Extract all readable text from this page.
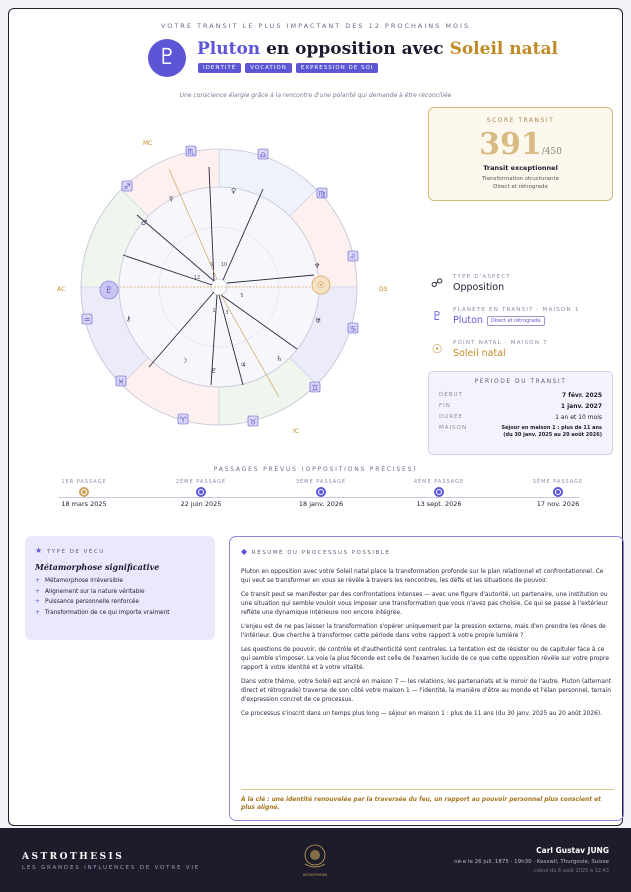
VOTRE TRANSIT LE PLUS IMPACTANT DES 12 PROCHAINS MOIS
♇	Pluton en opposition avec Soleil natal
IDENTITÉ	VOCATION	EXPRESSION DE SOI
Une conscience élargie grâce à la rencontre d'une polarité qui demande à être réconciliée
♇	☉
MC
AC	DS
IC
♏
♐
♒
♓
♈	♉
♊
♋
♌
♍
♎
♀
☿
♂
♆
♅
♄
♃
♇
☽
⚷
12
9 10
5
3
1
SCORE TRANSIT
391/450
Transit exceptionnel
Transformation structurante
Direct et rétrograde
☍ TYPE D'ASPECT
Opposition
♇ PLANÈTE EN TRANSIT · MAISON 1
Pluton Direct et rétrograde
☉ POINT NATAL · MAISON 7
Soleil natal
PÉRIODE DU TRANSIT
DÉBUT	7 févr. 2025
FIN	1 janv. 2027
DURÉE	1 an et 10 mois
MAISON	Séjour en maison 1 : plus de 11 ans (du 30 janv. 2025 au 20 août 2026)
PASSAGES PRÉVUS (OPPOSITIONS PRÉCISES)
1ER PASSAGE
18 mars 2025
2ÈME PASSAGE
22 juin 2025
3ÈME PASSAGE
18 janv. 2026
4ÈME PASSAGE
13 sept. 2026
5ÈME PASSAGE
17 nov. 2026
★ TYPE DE VÉCU
Métamorphose significative
+ Métamorphose irréversible
+ Alignement sur la nature véritable
+ Puissance personnelle renforcée
+ Transformation de ce qui importe vraiment
◆ RÉSUMÉ DU PROCESSUS POSSIBLE

Pluton en opposition avec votre Soleil natal place la transformation profonde sur le plan relationnel et confrontationnel. Ce qui veut se transformer en vous se révèle à travers les rencontres, les défis et les situations de pouvoir.

Ce transit peut se manifester par des confrontations intenses — avec une figure d'autorité, un partenaire, une institution ou une situation qui semble vouloir vous imposer une transformation que vous n'avez pas choisie. Ce qui se passe à l'extérieur reflète une dynamique intérieure non encore intégrée.

L'enjeu est de ne pas laisser la transformation s'opérer uniquement par la pression externe, mais d'en prendre les rênes de l'intérieur. Que cherche à transformer cette période dans votre rapport à votre propre lumière ?

Les questions de pouvoir, de contrôle et d'authenticité sont centrales. La tentation est de résister ou de capituler face à ce qui semble s'imposer. La voie la plus féconde est celle de l'examen lucide de ce que cette opposition révèle sur votre propre rapport à votre identité et à votre vitalité.

Dans votre thème, votre Soleil est ancré en maison 7 — les relations, les partenariats et le miroir de l'autre. Pluton (alternant direct et rétrograde) traverse de son côté votre maison 1 — l'identité, la manière d'être au monde et l'élan personnel, terrain d'expression concret de ce processus.

Ce processus s'inscrit dans un temps plus long — séjour en maison 1 : plus de 11 ans (du 30 janv. 2025 au 20 août 2026).

À la clé : une identité renouvelée par la traversée du feu, un rapport au pouvoir personnel plus conscient et plus aligné.
ASTROTHESIS
LES GRANDES INFLUENCES DE VOTRE VIE
ASTROTHESIS
Carl Gustav JUNG
né·e le 26 juil. 1875 · 19h30 · Kesswil, Thurgovie, Suisse
calcul du 6 août 2025 à 12:43
